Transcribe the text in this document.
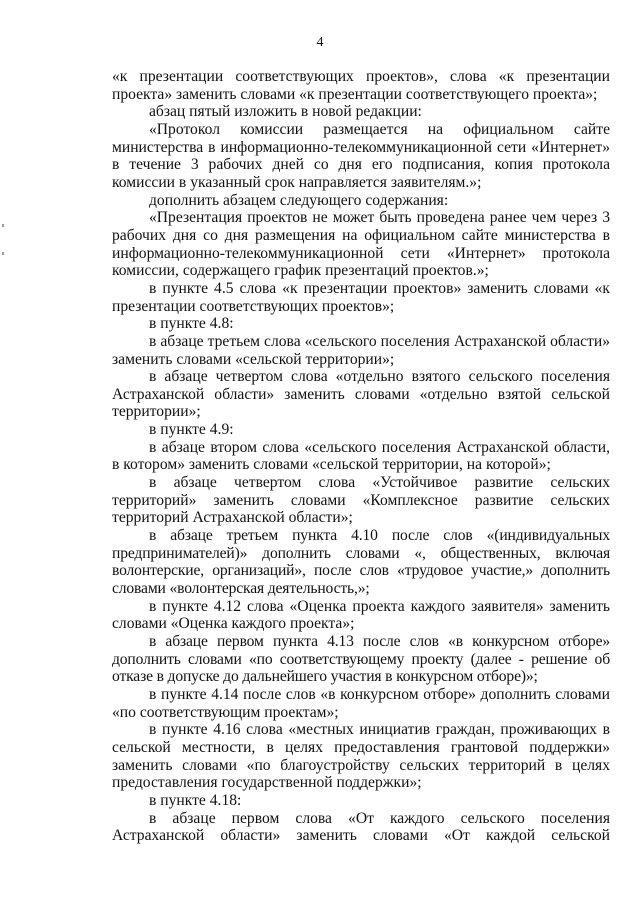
4

«к презентации соответствующих проектов», слова «к презентации проекта» заменить словами «к презентации соответствующего проекта»;

абзац пятый изложить в новой редакции:

«Протокол комиссии размещается на официальном сайте министерства в информационно-телекоммуникационной сети «Интернет» в течение 3 рабочих дней со дня его подписания, копия протокола комиссии в указанный срок направляется заявителям.»;

дополнить абзацем следующего содержания:

«Презентация проектов не может быть проведена ранее чем через 3 рабочих дня со дня размещения на официальном сайте министерства в информационно-телекоммуникационной сети «Интернет» протокола комиссии, содержащего график презентаций проектов.»;

в пункте 4.5 слова «к презентации проектов» заменить словами «к презентации соответствующих проектов»;

в пункте 4.8:

в абзаце третьем слова «сельского поселения Астраханской области» заменить словами «сельской территории»;

в абзаце четвертом слова «отдельно взятого сельского поселения Астраханской области» заменить словами «отдельно взятой сельской территории»;

в пункте 4.9:

в абзаце втором слова «сельского поселения Астраханской области, в котором» заменить словами «сельской территории, на которой»;

в абзаце четвертом слова «Устойчивое развитие сельских территорий» заменить словами «Комплексное развитие сельских территорий Астраханской области»;

в абзаце третьем пункта 4.10 после слов «(индивидуальных предпринимателей)» дополнить словами «, общественных, включая волонтерские, организаций», после слов «трудовое участие,» дополнить словами «волонтерская деятельность,»;

в пункте 4.12 слова «Оценка проекта каждого заявителя» заменить словами «Оценка каждого проекта»;

в абзаце первом пункта 4.13 после слов «в конкурсном отборе» дополнить словами «по соответствующему проекту (далее - решение об отказе в допуске до дальнейшего участия в конкурсном отборе)»;

в пункте 4.14 после слов «в конкурсном отборе» дополнить словами «по соответствующим проектам»;

в пункте 4.16 слова «местных инициатив граждан, проживающих в сельской местности, в целях предоставления грантовой поддержки» заменить словами «по благоустройству сельских территорий в целях предоставления государственной поддержки»;

в пункте 4.18:

в абзаце первом слова «От каждого сельского поселения Астраханской области» заменить словами «От каждой сельской
